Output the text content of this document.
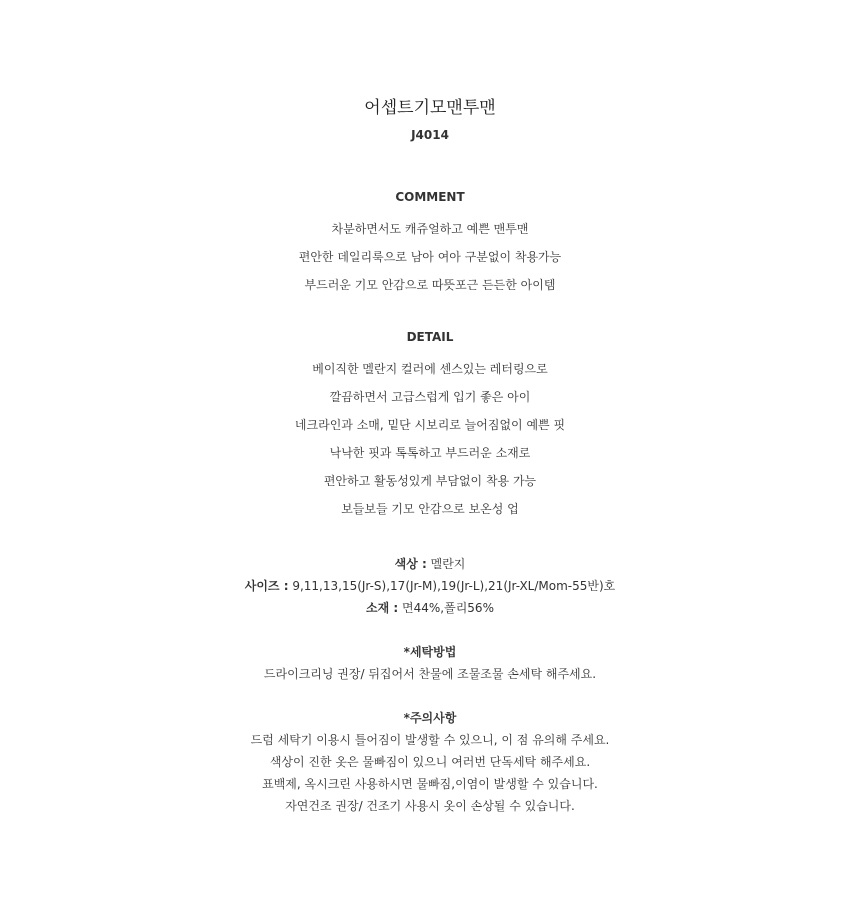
어셉트기모맨투맨
J4014
COMMENT
차분하면서도 캐쥬얼하고 예쁜 맨투맨
편안한 데일리룩으로 남아 여아 구분없이 착용가능
부드러운 기모 안감으로 따뜻포근 든든한 아이템
DETAIL
베이직한 멜란지 컬러에 센스있는 레터링으로
깔끔하면서 고급스럽게 입기 좋은 아이
네크라인과 소매, 밑단 시보리로 늘어짐없이 예쁜 핏
낙낙한 핏과 톡톡하고 부드러운 소재로
편안하고 활동성있게 부담없이 착용 가능
보들보들 기모 안감으로 보온성 업
색상 : 멜란지
사이즈 : 9,11,13,15(Jr-S),17(Jr-M),19(Jr-L),21(Jr-XL/Mom-55반)호
소재 : 면44%,폴리56%
*세탁방법
드라이크리닝 권장/ 뒤집어서 찬물에 조물조물 손세탁 해주세요.
*주의사항
드럼 세탁기 이용시 틀어짐이 발생할 수 있으니, 이 점 유의해 주세요.
색상이 진한 옷은 물빠짐이 있으니 여러번 단독세탁 해주세요.
표백제, 옥시크린 사용하시면 물빠짐,이염이 발생할 수 있습니다.
자연건조 권장/ 건조기 사용시 옷이 손상될 수 있습니다.
